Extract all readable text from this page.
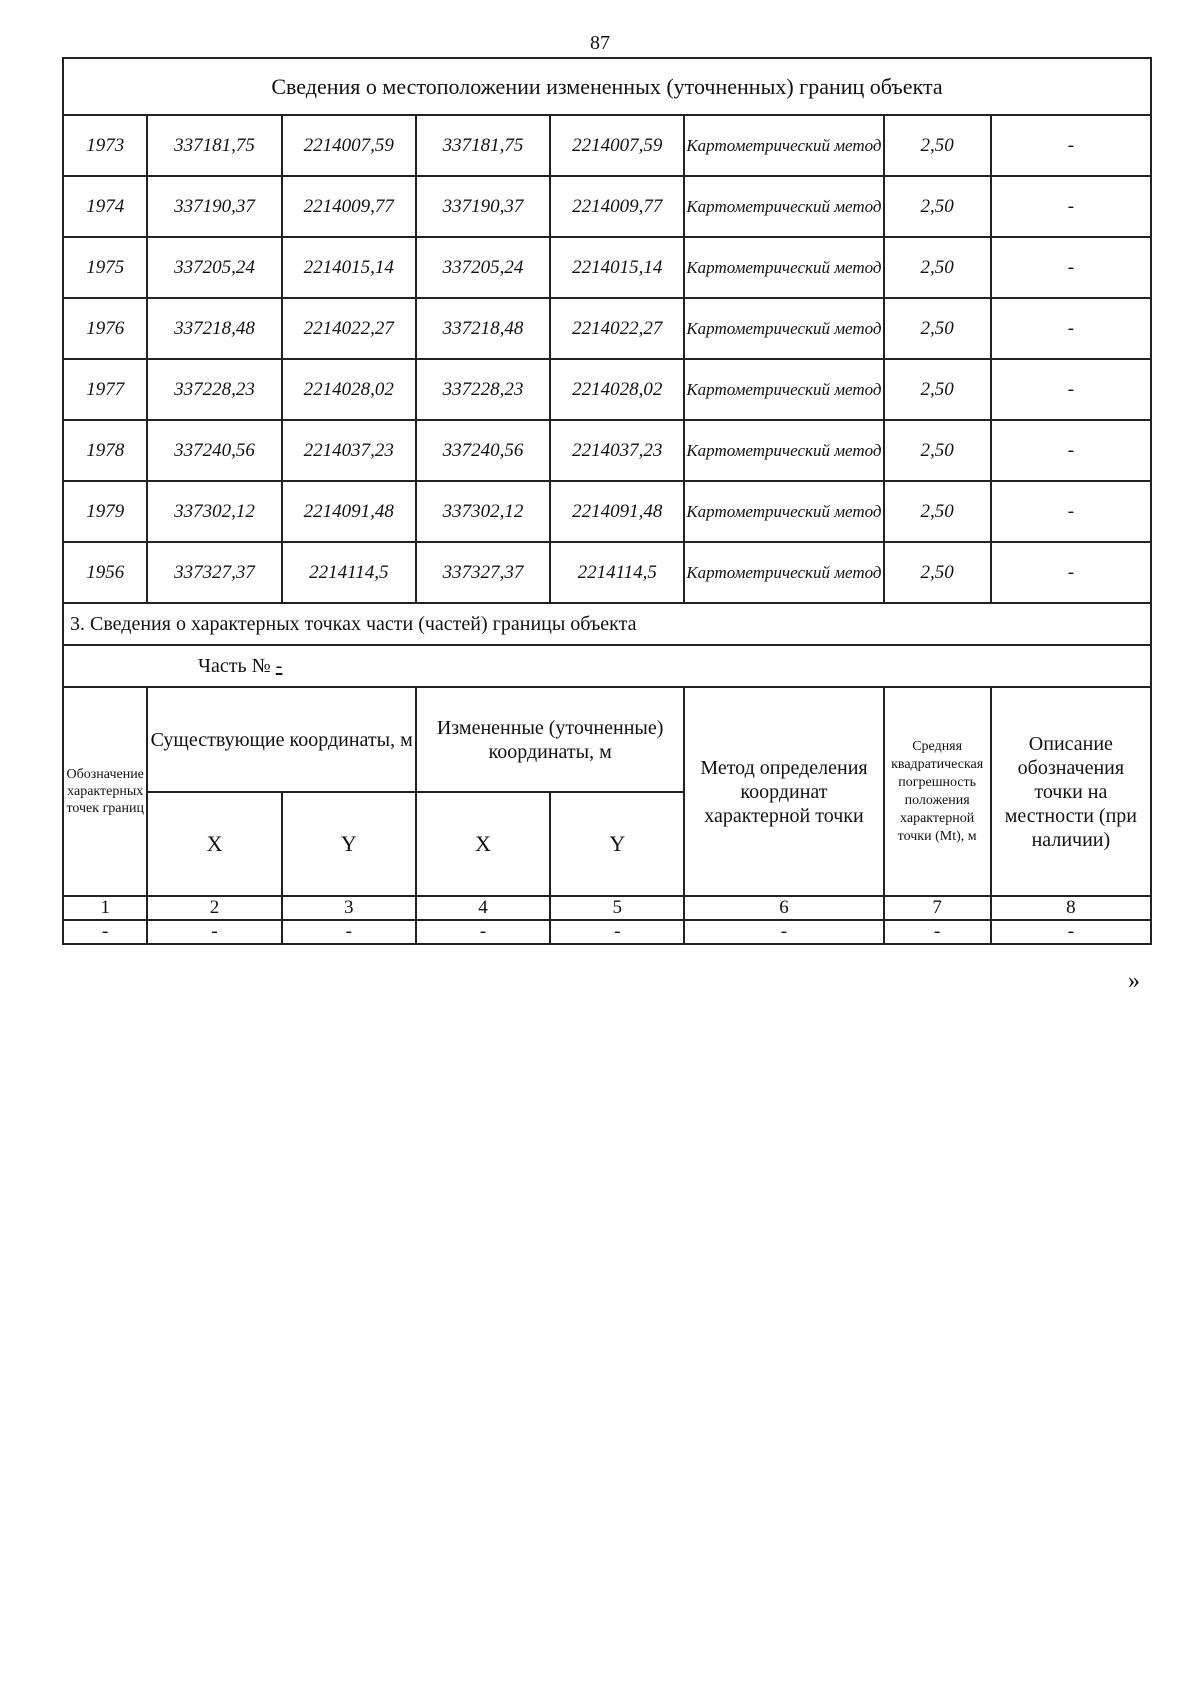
87
Сведения о местоположении измененных (уточненных) границ объекта							
1973	337181,75	2214007,59	337181,75	2214007,59	Картометрический метод	2,50	-
1974	337190,37	2214009,77	337190,37	2214009,77	Картометрический метод	2,50	-
1975	337205,24	2214015,14	337205,24	2214015,14	Картометрический метод	2,50	-
1976	337218,48	2214022,27	337218,48	2214022,27	Картометрический метод	2,50	-
1977	337228,23	2214028,02	337228,23	2214028,02	Картометрический метод	2,50	-
1978	337240,56	2214037,23	337240,56	2214037,23	Картометрический метод	2,50	-
1979	337302,12	2214091,48	337302,12	2214091,48	Картометрический метод	2,50	-
1956	337327,37	2214114,5	337327,37	2214114,5	Картометрический метод	2,50	-
3. Сведения о характерных точках части (частей) границы объекта							
Часть № -							
Обозначение характерных точек границ	Существующие координаты, м		Измененные (уточненные) координаты, м		Метод определения координат характерной точки	Средняя квадратическая погрешность положения характерной точки (Mt), м	Описание обозначения точки на местности (при наличии)
	X	Y	X	Y			
1	2	3	4	5	6	7	8
-	-	-	-	-	-	-	-
»
